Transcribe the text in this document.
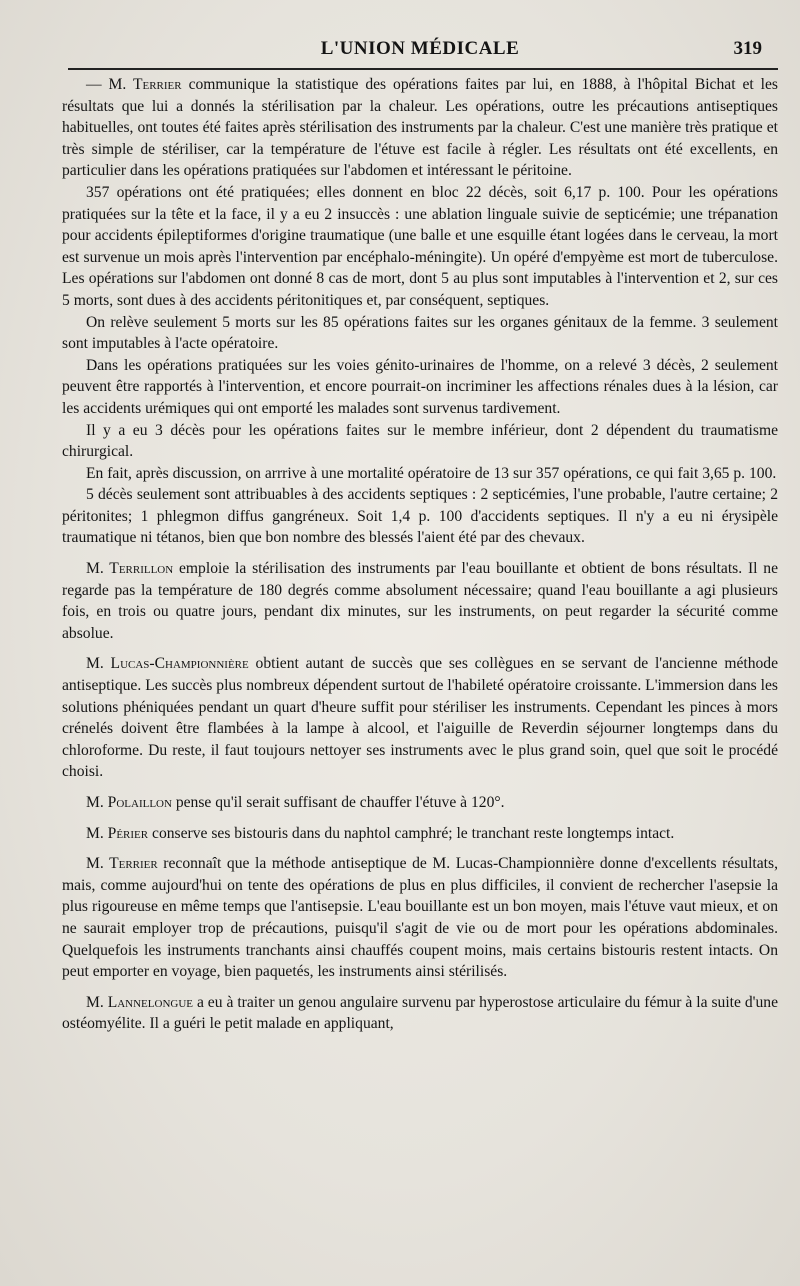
L'UNION MÉDICALE	319

— M. Terrier communique la statistique des opérations faites par lui, en 1888, à l'hôpital Bichat et les résultats que lui a donnés la stérilisation par la chaleur. Les opérations, outre les précautions antiseptiques habituelles, ont toutes été faites après stérilisation des instruments par la chaleur. C'est une manière très pratique et très simple de stériliser, car la température de l'étuve est facile à régler. Les résultats ont été excellents, en particulier dans les opérations pratiquées sur l'abdomen et intéressant le péritoine.

357 opérations ont été pratiquées; elles donnent en bloc 22 décès, soit 6,17 p. 100. Pour les opérations pratiquées sur la tête et la face, il y a eu 2 insuccès : une ablation linguale suivie de septicémie; une trépanation pour accidents épileptiformes d'origine traumatique (une balle et une esquille étant logées dans le cerveau, la mort est survenue un mois après l'intervention par encéphalo-méningite). Un opéré d'empyème est mort de tuberculose. Les opérations sur l'abdomen ont donné 8 cas de mort, dont 5 au plus sont imputables à l'intervention et 2, sur ces 5 morts, sont dues à des accidents péritonitiques et, par conséquent, septiques.

On relève seulement 5 morts sur les 85 opérations faites sur les organes génitaux de la femme. 3 seulement sont imputables à l'acte opératoire.

Dans les opérations pratiquées sur les voies génito-urinaires de l'homme, on a relevé 3 décès, 2 seulement peuvent être rapportés à l'intervention, et encore pourrait-on incriminer les affections rénales dues à la lésion, car les accidents urémiques qui ont emporté les malades sont survenus tardivement.

Il y a eu 3 décès pour les opérations faites sur le membre inférieur, dont 2 dépendent du traumatisme chirurgical.

En fait, après discussion, on arrrive à une mortalité opératoire de 13 sur 357 opérations, ce qui fait 3,65 p. 100.

5 décès seulement sont attribuables à des accidents septiques : 2 septicémies, l'une probable, l'autre certaine; 2 péritonites; 1 phlegmon diffus gangréneux. Soit 1,4 p. 100 d'accidents septiques. Il n'y a eu ni érysipèle traumatique ni tétanos, bien que bon nombre des blessés l'aient été par des chevaux.

M. Terrillon emploie la stérilisation des instruments par l'eau bouillante et obtient de bons résultats. Il ne regarde pas la température de 180 degrés comme absolument nécessaire; quand l'eau bouillante a agi plusieurs fois, en trois ou quatre jours, pendant dix minutes, sur les instruments, on peut regarder la sécurité comme absolue.

M. Lucas-Championnière obtient autant de succès que ses collègues en se servant de l'ancienne méthode antiseptique. Les succès plus nombreux dépendent surtout de l'habileté opératoire croissante. L'immersion dans les solutions phéniquées pendant un quart d'heure suffit pour stériliser les instruments. Cependant les pinces à mors crénelés doivent être flambées à la lampe à alcool, et l'aiguille de Reverdin séjourner longtemps dans du chloroforme. Du reste, il faut toujours nettoyer ses instruments avec le plus grand soin, quel que soit le procédé choisi.

M. Polaillon pense qu'il serait suffisant de chauffer l'étuve à 120°.

M. Périer conserve ses bistouris dans du naphtol camphré; le tranchant reste longtemps intact.

M. Terrier reconnaît que la méthode antiseptique de M. Lucas-Championnière donne d'excellents résultats, mais, comme aujourd'hui on tente des opérations de plus en plus difficiles, il convient de rechercher l'asepsie la plus rigoureuse en même temps que l'antisepsie. L'eau bouillante est un bon moyen, mais l'étuve vaut mieux, et on ne saurait employer trop de précautions, puisqu'il s'agit de vie ou de mort pour les opérations abdominales. Quelquefois les instruments tranchants ainsi chauffés coupent moins, mais certains bistouris restent intacts. On peut emporter en voyage, bien paquetés, les instruments ainsi stérilisés.

M. Lannelongue a eu à traiter un genou angulaire survenu par hyperostose articulaire du fémur à la suite d'une ostéomyélite. Il a guéri le petit malade en appliquant,
